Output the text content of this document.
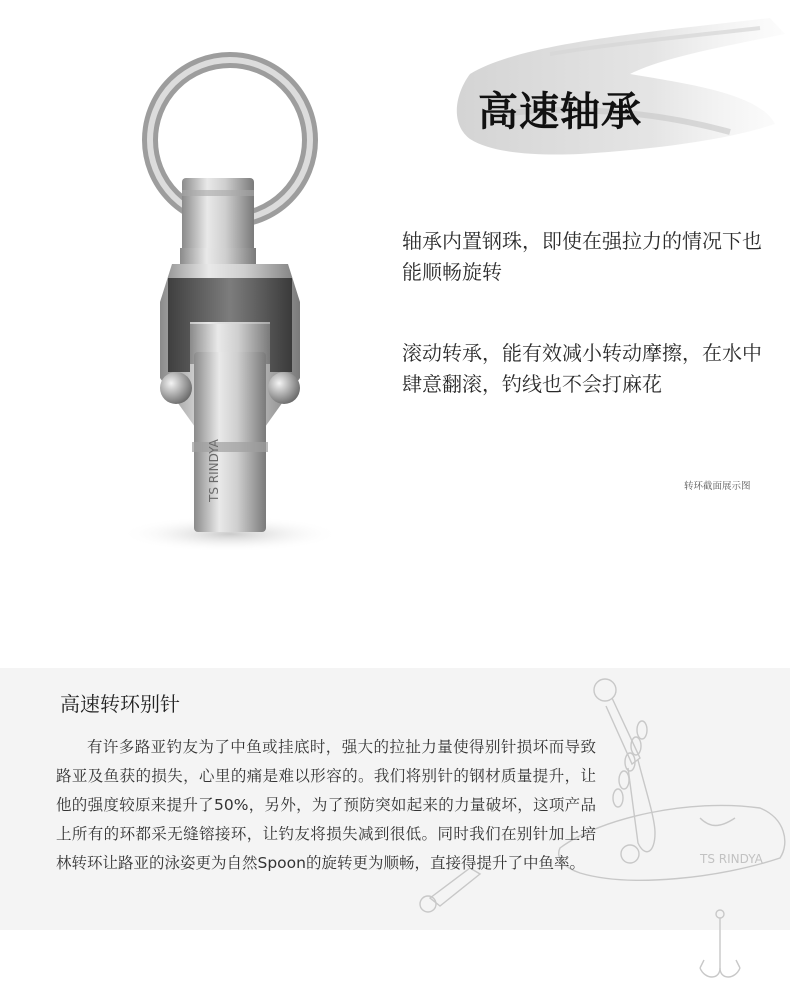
高速轴承
轴承内置钢珠，即使在强拉力的情况下也能顺畅旋转
滚动转承，能有效减小转动摩擦，在水中肆意翻滚，钓线也不会打麻花
转环截面展示图
TS RINDYA
TS RINDYA
高速转环别针
有许多路亚钓友为了中鱼或挂底时，强大的拉扯力量使得别针损坏而导致路亚及鱼获的损失，心里的痛是难以形容的。我们将别针的钢材质量提升，让他的强度较原来提升了50%，另外，为了预防突如起来的力量破坏，这项产品上所有的环都采无缝镕接环，让钓友将损失减到很低。同时我们在别针加上培林转环让路亚的泳姿更为自然Spoon的旋转更为顺畅，直接得提升了中鱼率。
